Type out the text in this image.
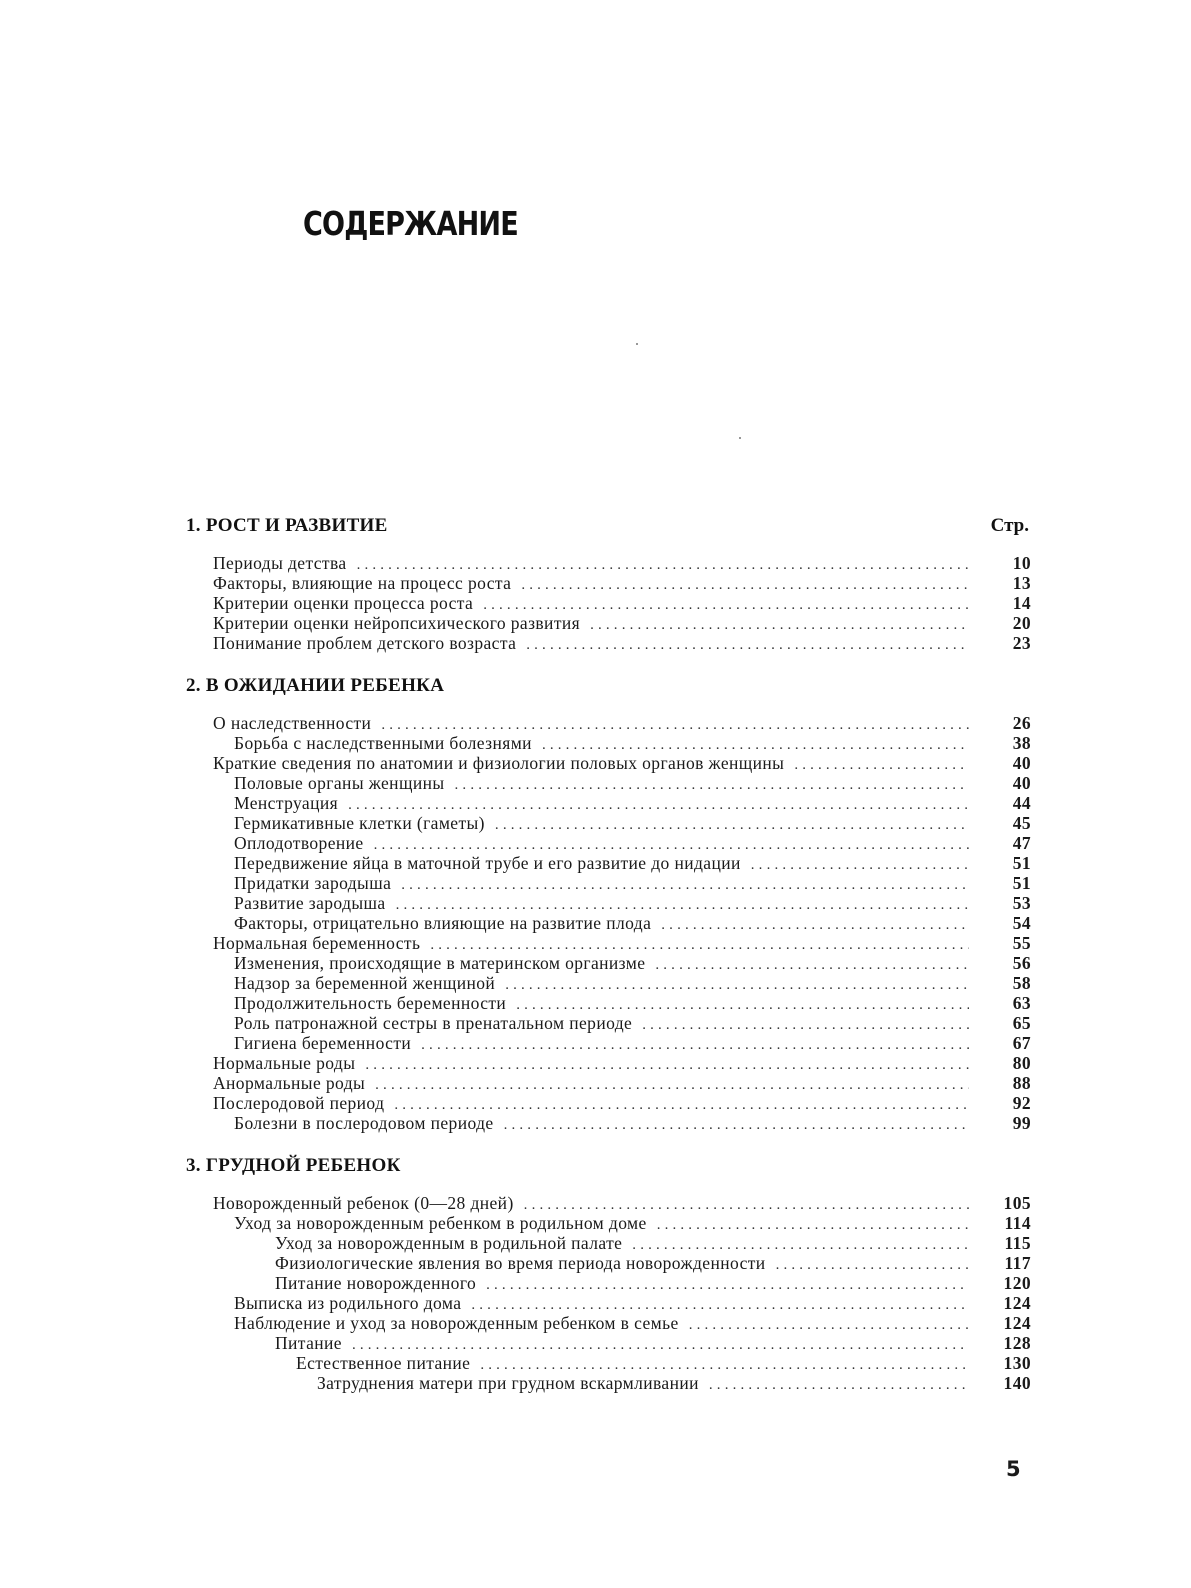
СОДЕРЖАНИЕ
1. РОСТ И РАЗВИТИЕ	Стр.
Периоды детства . . .	10
Факторы, влияющие на процесс роста . . .	13
Критерии оценки процесса роста . . .	14
Критерии оценки нейропсихического развития . . .	20
Понимание проблем детского возраста . . .	23
2. В ОЖИДАНИИ РЕБЕНКА
О наследственности . . .	26
Борьба с наследственными болезнями . . .	38
Краткие сведения по анатомии и физиологии половых органов женщины . . .	40
Половые органы женщины . . .	40
Менструация . . .	44
Гермикативные клетки (гаметы) . . .	45
Оплодотворение . . .	47
Передвижение яйца в маточной трубе и его развитие до нидации . . .	51
Придатки зародыша . . .	51
Развитие зародыша . . .	53
Факторы, отрицательно влияющие на развитие плода . . .	54
Нормальная беременность . . .	55
Изменения, происходящие в материнском организме . . .	56
Надзор за беременной женщиной . . .	58
Продолжительность беременности . . .	63
Роль патронажной сестры в пренатальном периоде . . .	65
Гигиена беременности . . .	67
Нормальные роды . . .	80
Анормальные роды . . .	88
Послеродовой период . . .	92
Болезни в послеродовом периоде . . .	99
3. ГРУДНОЙ РЕБЕНОК
Новорожденный ребенок (0—28 дней) . . .	105
Уход за новорожденным ребенком в родильном доме . . .	114
Уход за новорожденным в родильной палате . . .	115
Физиологические явления во время периода новорожденности . . .	117
Питание новорожденного . . .	120
Выписка из родильного дома . . .	124
Наблюдение и уход за новорожденным ребенком в семье . . .	124
Питание . . .	128
Естественное питание . . .	130
Затруднения матери при грудном вскармливании . . .	140
5
